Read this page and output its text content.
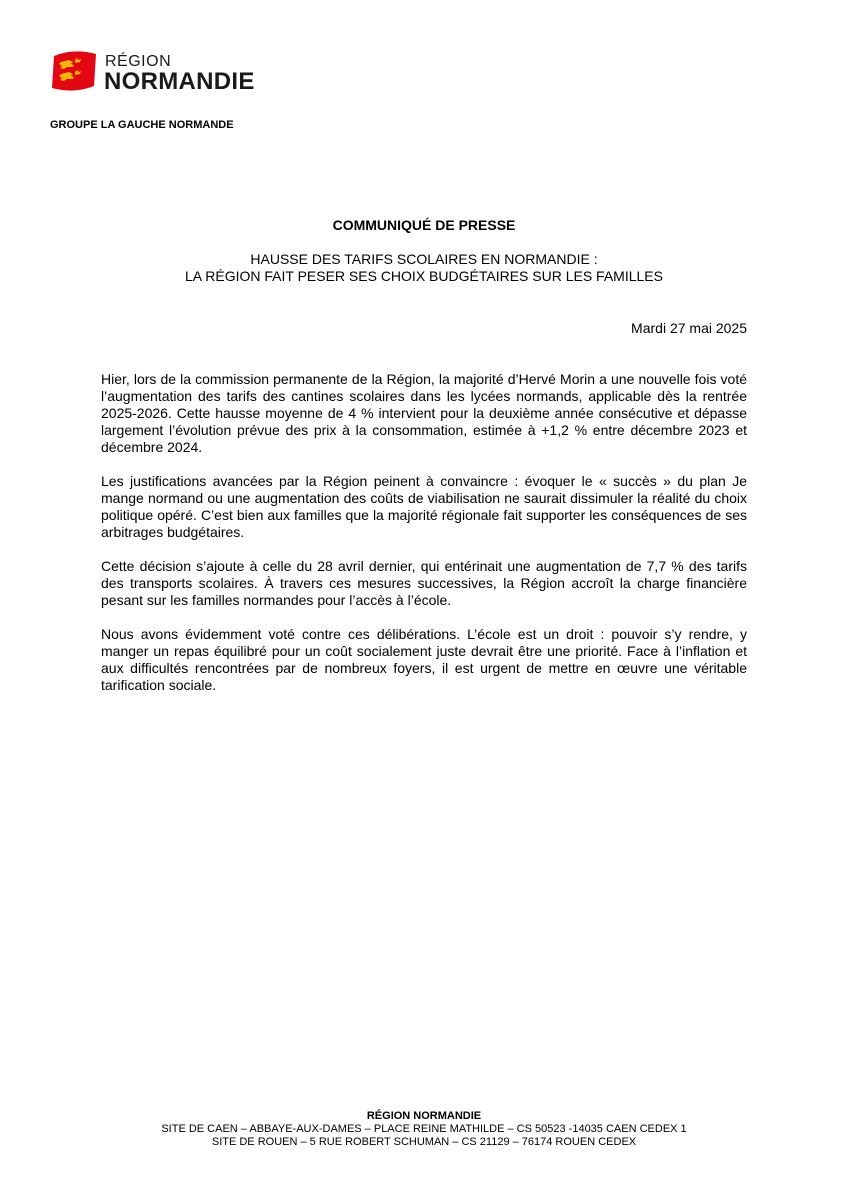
RÉGION
NORMANDIE
GROUPE LA GAUCHE NORMANDE
COMMUNIQUÉ DE PRESSE
HAUSSE DES TARIFS SCOLAIRES EN NORMANDIE :
LA RÉGION FAIT PESER SES CHOIX BUDGÉTAIRES SUR LES FAMILLES
Mardi 27 mai 2025

Hier, lors de la commission permanente de la Région, la majorité d’Hervé Morin a une nouvelle fois voté l’augmentation des tarifs des cantines scolaires dans les lycées normands, applicable dès la rentrée 2025-2026. Cette hausse moyenne de 4 % intervient pour la deuxième année consécutive et dépasse largement l’évolution prévue des prix à la consommation, estimée à +1,2 % entre décembre 2023 et décembre 2024.

Les justifications avancées par la Région peinent à convaincre : évoquer le « succès » du plan Je mange normand ou une augmentation des coûts de viabilisation ne saurait dissimuler la réalité du choix politique opéré. C’est bien aux familles que la majorité régionale fait supporter les conséquences de ses arbitrages budgétaires.

Cette décision s’ajoute à celle du 28 avril dernier, qui entérinait une augmentation de 7,7 % des tarifs des transports scolaires. À travers ces mesures successives, la Région accroît la charge financière pesant sur les familles normandes pour l’accès à l’école.

Nous avons évidemment voté contre ces délibérations. L’école est un droit : pouvoir s’y rendre, y manger un repas équilibré pour un coût socialement juste devrait être une priorité. Face à l’inflation et aux difficultés rencontrées par de nombreux foyers, il est urgent de mettre en œuvre une véritable tarification sociale.

RÉGION NORMANDIE
SITE DE CAEN – ABBAYE-AUX-DAMES – PLACE REINE MATHILDE – CS 50523 -14035 CAEN CEDEX 1
SITE DE ROUEN – 5 RUE ROBERT SCHUMAN – CS 21129 – 76174 ROUEN CEDEX
